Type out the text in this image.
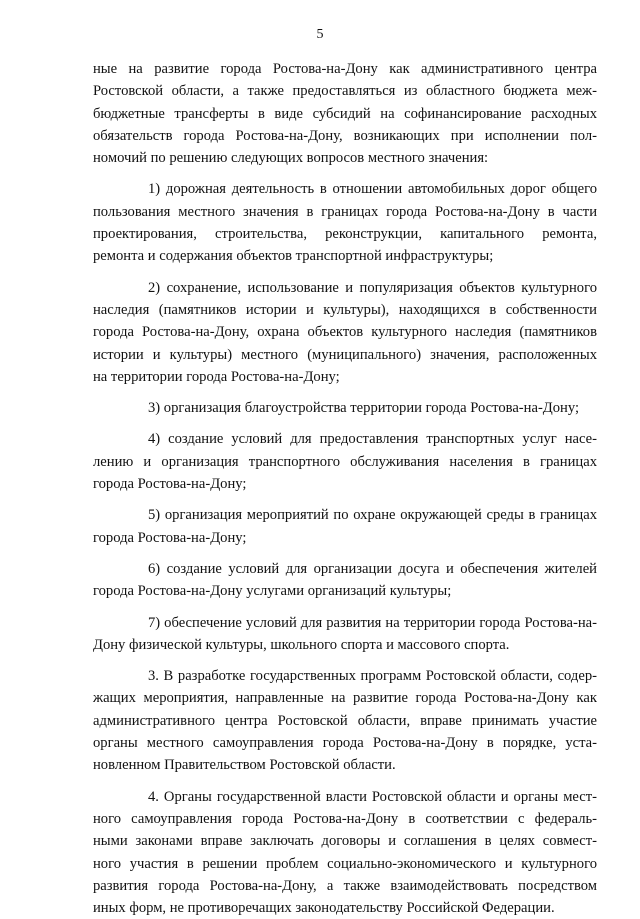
5
ные на развитие города Ростова-на-Дону как административного центра
Ростовской области, а также предоставляться из областного бюджета меж-
бюджетные трансферты в виде субсидий на софинансирование расходных
обязательств города Ростова-на-Дону, возникающих при исполнении пол-
номочий по решению следующих вопросов местного значения:
1) дорожная деятельность в отношении автомобильных дорог общего
пользования местного значения в границах города Ростова-на-Дону в части
проектирования, строительства, реконструкции, капитального ремонта,
ремонта и содержания объектов транспортной инфраструктуры;
2) сохранение, использование и популяризация объектов культурного
наследия (памятников истории и культуры), находящихся в собственности
города Ростова-на-Дону, охрана объектов культурного наследия (памятников
истории и культуры) местного (муниципального) значения, расположенных
на территории города Ростова-на-Дону;
3) организация благоустройства территории города Ростова-на-Дону;
4) создание условий для предоставления транспортных услуг насе-
лению и организация транспортного обслуживания населения в границах
города Ростова-на-Дону;
5) организация мероприятий по охране окружающей среды в границах
города Ростова-на-Дону;
6) создание условий для организации досуга и обеспечения жителей
города Ростова-на-Дону услугами организаций культуры;
7) обеспечение условий для развития на территории города Ростова-на-
Дону физической культуры, школьного спорта и массового спорта.
3. В разработке государственных программ Ростовской области, содер-
жащих мероприятия, направленные на развитие города Ростова-на-Дону как
административного центра Ростовской области, вправе принимать участие
органы местного самоуправления города Ростова-на-Дону в порядке, уста-
новленном Правительством Ростовской области.
4. Органы государственной власти Ростовской области и органы мест-
ного самоуправления города Ростова-на-Дону в соответствии с федераль-
ными законами вправе заключать договоры и соглашения в целях совмест-
ного участия в решении проблем социально-экономического и культурного
развития города Ростова-на-Дону, а также взаимодействовать посредством
иных форм, не противоречащих законодательству Российской Федерации.
